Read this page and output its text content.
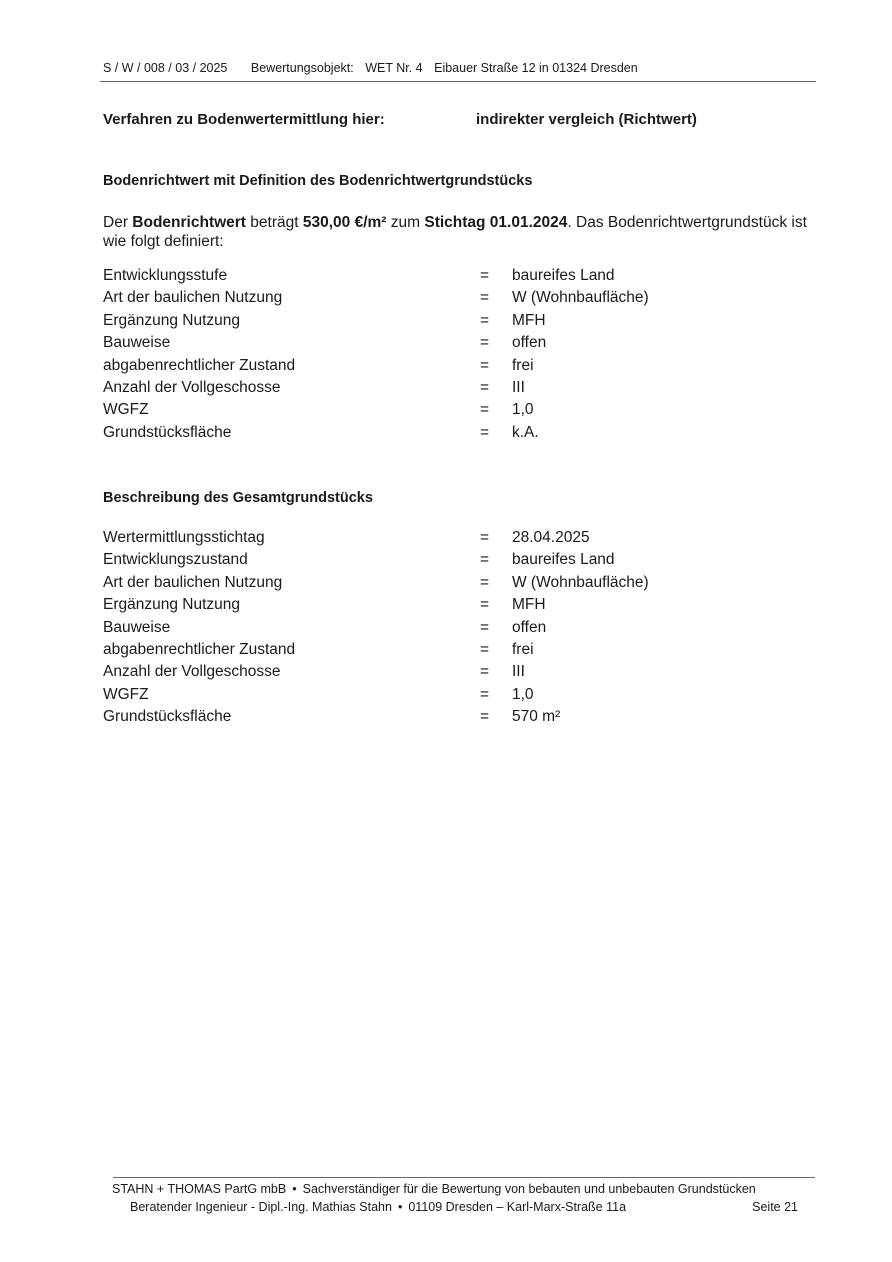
S / W / 008 / 03 / 2025 Bewertungsobjekt: WET Nr. 4 Eibauer Straße 12 in 01324 Dresden
Verfahren zu Bodenwertermittlung hier:	indirekter vergleich (Richtwert)
Bodenrichtwert mit Definition des Bodenrichtwertgrundstücks
Der Bodenrichtwert beträgt 530,00 €/m² zum Stichtag 01.01.2024. Das Bodenrichtwertgrundstück ist wie folgt definiert:
Entwicklungsstufe	= baureifes Land
Art der baulichen Nutzung	= W (Wohnbaufläche)
Ergänzung Nutzung	= MFH
Bauweise	= offen
abgabenrechtlicher Zustand	= frei
Anzahl der Vollgeschosse	= III
WGFZ	= 1,0
Grundstücksfläche	= k.A.
Beschreibung des Gesamtgrundstücks
Wertermittlungsstichtag	= 28.04.2025
Entwicklungszustand	= baureifes Land
Art der baulichen Nutzung	= W (Wohnbaufläche)
Ergänzung Nutzung	= MFH
Bauweise	= offen
abgabenrechtlicher Zustand	= frei
Anzahl der Vollgeschosse	= III
WGFZ	= 1,0
Grundstücksfläche	= 570 m²
STAHN + THOMAS PartG mbB • Sachverständiger für die Bewertung von bebauten und unbebauten Grundstücken
Beratender Ingenieur - Dipl.-Ing. Mathias Stahn • 01109 Dresden – Karl-Marx-Straße 11a	Seite 21
